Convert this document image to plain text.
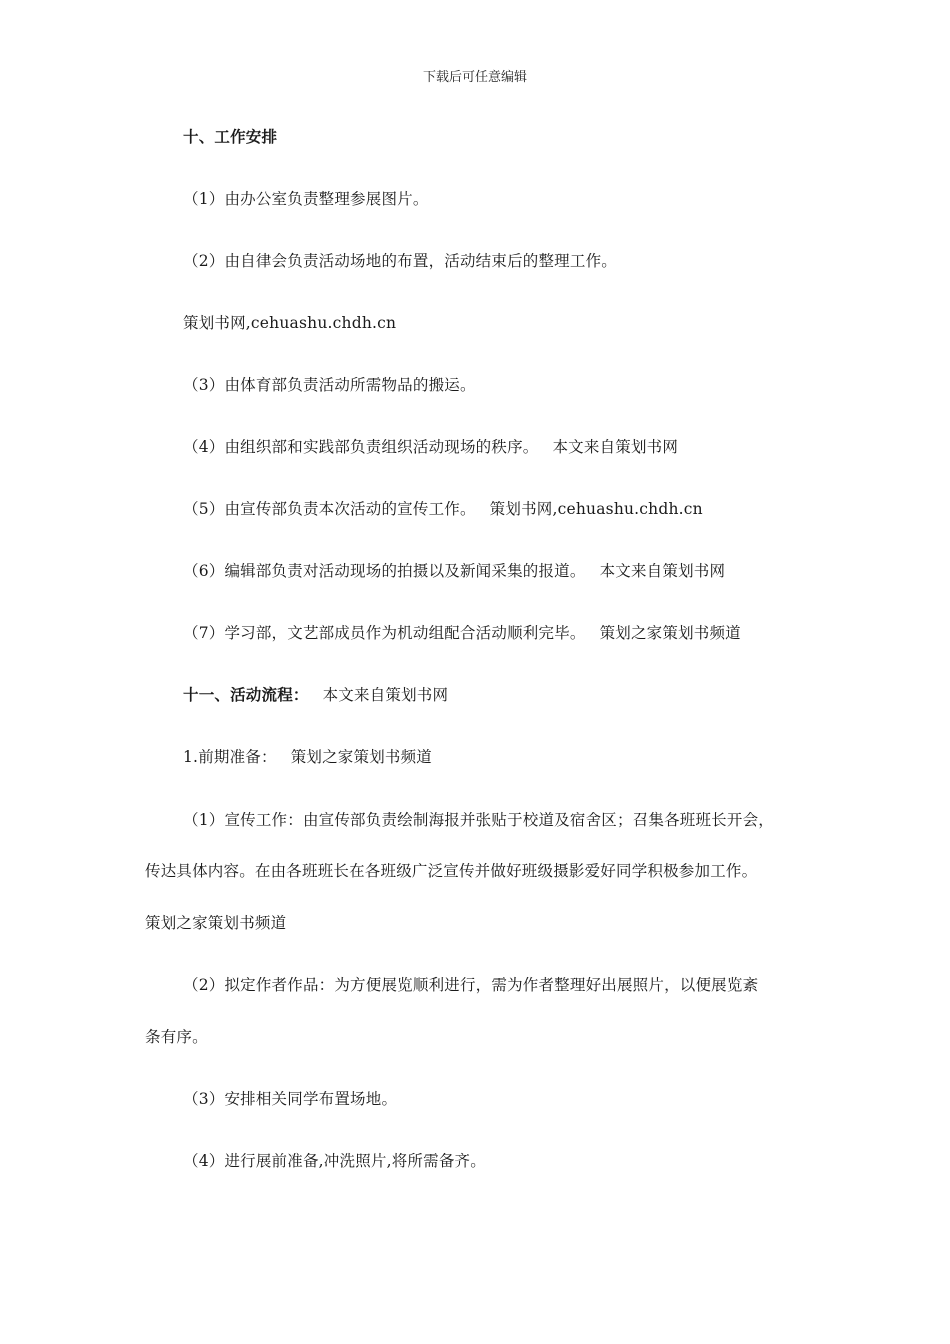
下载后可任意编辑
十、工作安排
（1）由办公室负责整理参展图片。
（2）由自律会负责活动场地的布置，活动结束后的整理工作。
策划书网,cehuashu.chdh.cn
（3）由体育部负责活动所需物品的搬运。
（4）由组织部和实践部负责组织活动现场的秩序。 本文来自策划书网
（5）由宣传部负责本次活动的宣传工作。 策划书网,cehuashu.chdh.cn
（6）编辑部负责对活动现场的拍摄以及新闻采集的报道。 本文来自策划书网
（7）学习部，文艺部成员作为机动组配合活动顺利完毕。 策划之家策划书频道
十一、活动流程： 本文来自策划书网
1.前期准备： 策划之家策划书频道
（1）宣传工作：由宣传部负责绘制海报并张贴于校道及宿舍区；召集各班班长开会，
传达具体内容。在由各班班长在各班级广泛宣传并做好班级摄影爱好同学积极参加工作。
策划之家策划书频道
（2）拟定作者作品：为方便展览顺利进行，需为作者整理好出展照片，以便展览紊
条有序。
（3）安排相关同学布置场地。
（4）进行展前准备,冲洗照片,将所需备齐。
